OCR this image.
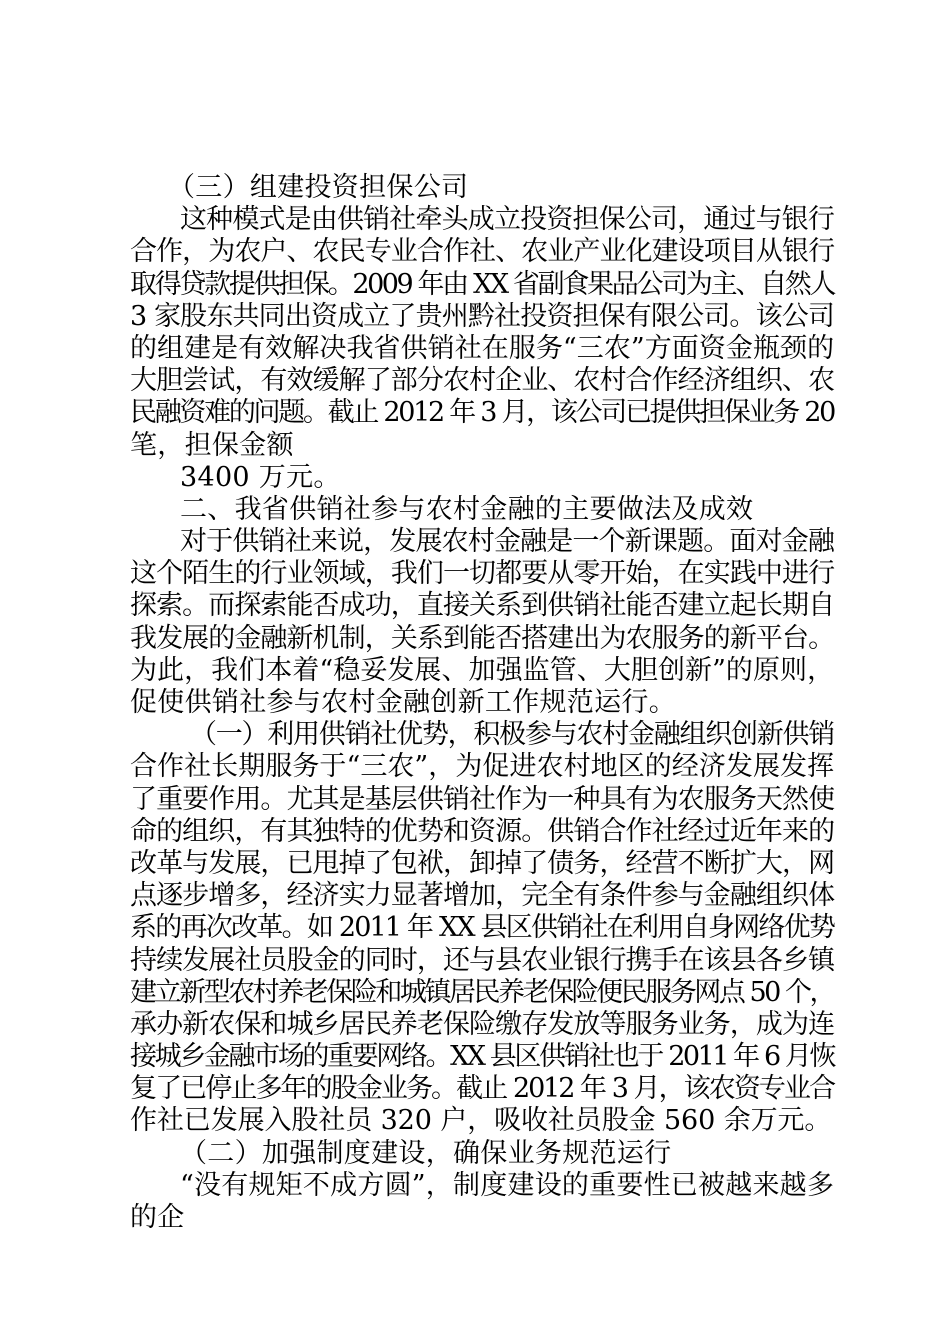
（三）组建投资担保公司
这种模式是由供销社牵头成立投资担保公司，通过与银行
合作，为农户、农民专业合作社、农业产业化建设项目从银行
取得贷款提供担保。2009 年由 XX 省副食果品公司为主、自然人
3 家股东共同出资成立了贵州黔社投资担保有限公司。该公司
的组建是有效解决我省供销社在服务“三农”方面资金瓶颈的
大胆尝试，有效缓解了部分农村企业、农村合作经济组织、农
民融资难的问题。截止 2012 年 3 月，该公司已提供担保业务 20
笔，担保金额
3400 万元。
二、我省供销社参与农村金融的主要做法及成效
对于供销社来说，发展农村金融是一个新课题。面对金融
这个陌生的行业领域，我们一切都要从零开始，在实践中进行
探索。而探索能否成功，直接关系到供销社能否建立起长期自
我发展的金融新机制，关系到能否搭建出为农服务的新平台。
为此，我们本着“稳妥发展、加强监管、大胆创新”的原则，
促使供销社参与农村金融创新工作规范运行。
（一）利用供销社优势，积极参与农村金融组织创新供销
合作社长期服务于“三农”，为促进农村地区的经济发展发挥
了重要作用。尤其是基层供销社作为一种具有为农服务天然使
命的组织，有其独特的优势和资源。供销合作社经过近年来的
改革与发展，已甩掉了包袱，卸掉了债务，经营不断扩大，网
点逐步增多，经济实力显著增加，完全有条件参与金融组织体
系的再次改革。如 2011 年 XX 县区供销社在利用自身网络优势
持续发展社员股金的同时，还与县农业银行携手在该县各乡镇
建立新型农村养老保险和城镇居民养老保险便民服务网点 50 个，
承办新农保和城乡居民养老保险缴存发放等服务业务，成为连
接城乡金融市场的重要网络。XX 县区供销社也于 2011 年 6 月恢
复了已停止多年的股金业务。截止 2012 年 3 月，该农资专业合
作社已发展入股社员 320 户，吸收社员股金 560 余万元。
（二）加强制度建设，确保业务规范运行
“没有规矩不成方圆”，制度建设的重要性已被越来越多
的企
